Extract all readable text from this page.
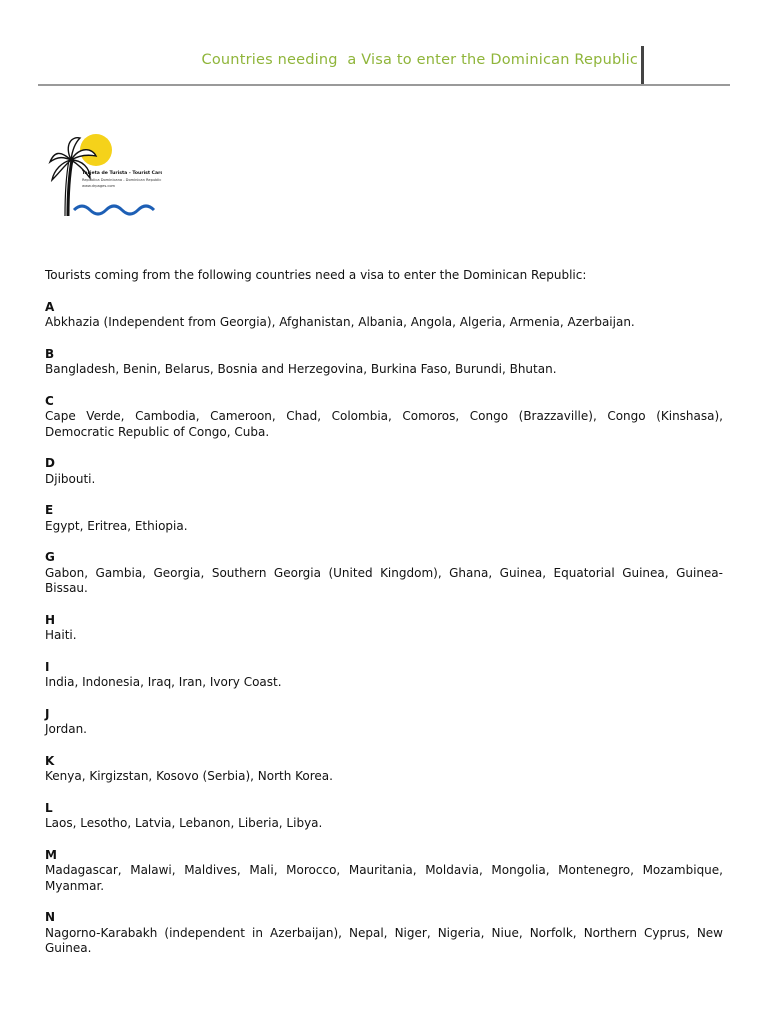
Countries needing  a Visa to enter the Dominican Republic
Tarjeta de Turista - Tourist Card
República Dominicana - Dominican Republic
www.drpages.com

Tourists coming from the following countries need a visa to enter the Dominican Republic:

A
Abkhazia (Independent from Georgia), Afghanistan, Albania, Angola, Algeria, Armenia, Azerbaijan.
B
Bangladesh, Benin, Belarus, Bosnia and Herzegovina, Burkina Faso, Burundi, Bhutan.
C
Cape Verde, Cambodia, Cameroon, Chad, Colombia, Comoros, Congo (Brazzaville), Congo (Kinshasa), Democratic Republic of Congo, Cuba.
D
Djibouti.
E
Egypt, Eritrea, Ethiopia.
G
Gabon, Gambia, Georgia, Southern Georgia (United Kingdom), Ghana, Guinea, Equatorial Guinea, Guinea-Bissau.
H
Haiti.
I
India, Indonesia, Iraq, Iran, Ivory Coast.
J
Jordan.
K
Kenya, Kirgizstan, Kosovo (Serbia), North Korea.
L
Laos, Lesotho, Latvia, Lebanon, Liberia, Libya.
M
Madagascar, Malawi, Maldives, Mali, Morocco, Mauritania, Moldavia, Mongolia, Montenegro, Mozambique, Myanmar.
N
Nagorno-Karabakh (independent in Azerbaijan), Nepal, Niger, Nigeria, Niue, Norfolk, Northern Cyprus, New Guinea.
